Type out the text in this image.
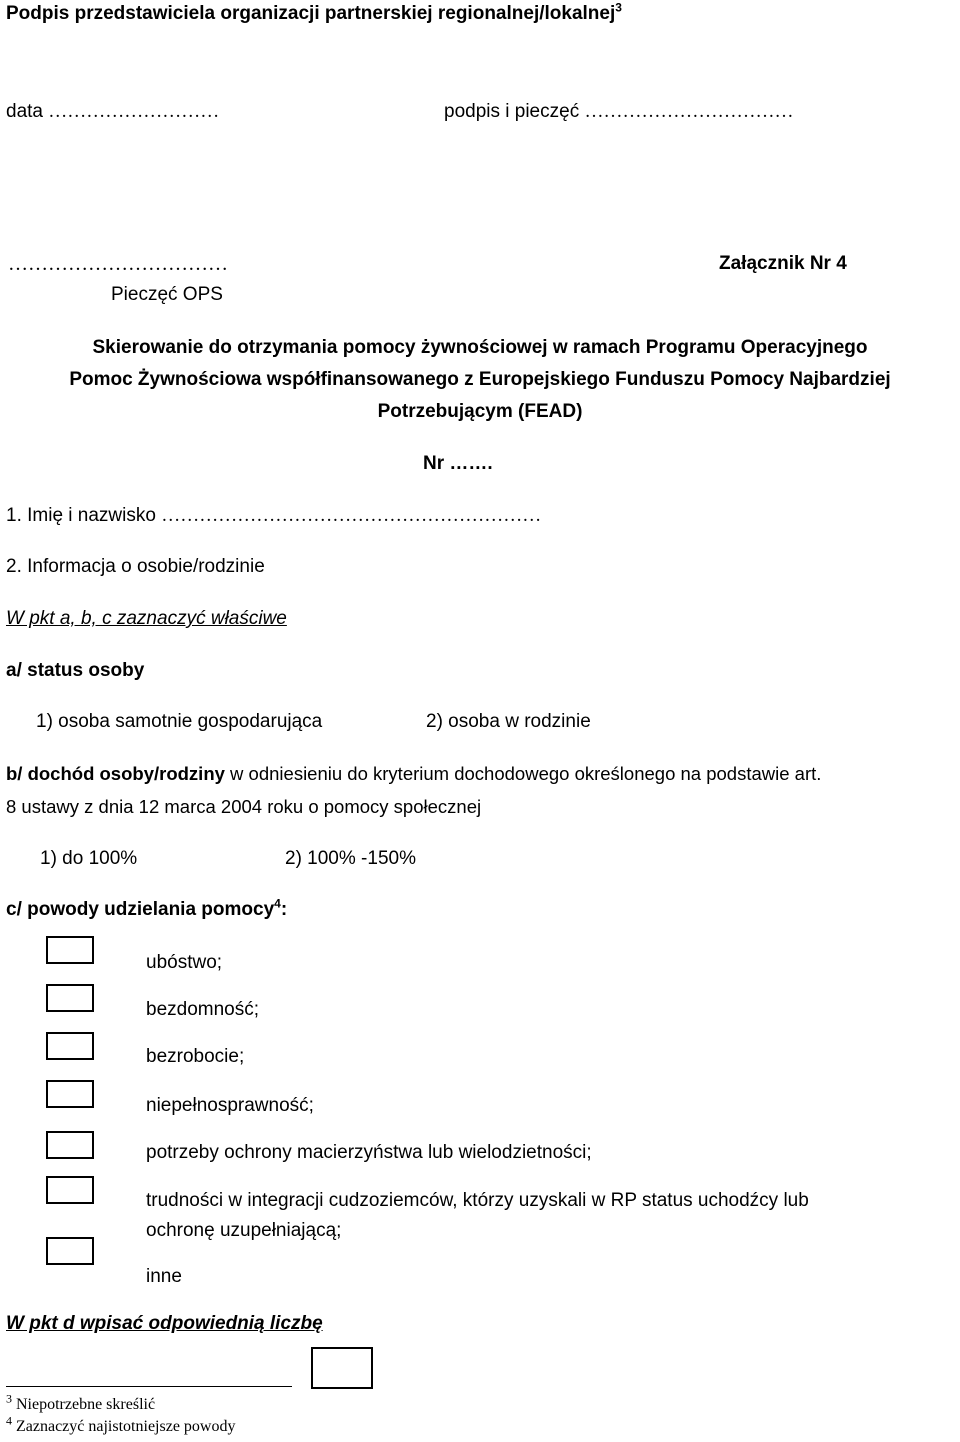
Podpis przedstawiciela organizacji partnerskiej regionalnej/lokalnej$^3$
data ………………………	podpis i pieczęć ……………………………
……………………………
Pieczęć OPS
Załącznik Nr 4
Skierowanie do otrzymania pomocy żywnościowej w ramach Programu Operacyjnego
Pomoc Żywnościowa współfinansowanego z Europejskiego Funduszu Pomocy Najbardziej
Potrzebującym (FEAD)
Nr …….
1. Imię i nazwisko ……………………………………………………
2. Informacja o osobie/rodzinie
W pkt a, b, c zaznaczyć właściwe
a/ status osoby
1) osoba samotnie gospodarująca	2) osoba w rodzinie
b/ dochód osoby/rodziny w odniesieniu do kryterium dochodowego określonego na podstawie art.
8 ustawy z dnia 12 marca 2004 roku o pomocy społecznej
1) do 100%	2) 100% -150%
c/ powody udzielania pomocy$^4$:
ubóstwo;
bezdomność;
bezrobocie;
niepełnosprawność;
potrzeby ochrony macierzyństwa lub wielodzietności;
trudności w integracji cudzoziemców, którzy uzyskali w RP status uchodźcy lub
ochronę uzupełniającą;
inne
W pkt d wpisać odpowiednią liczbę
$^3$ Niepotrzebne skreślić
$^4$ Zaznaczyć najistotniejsze powody
